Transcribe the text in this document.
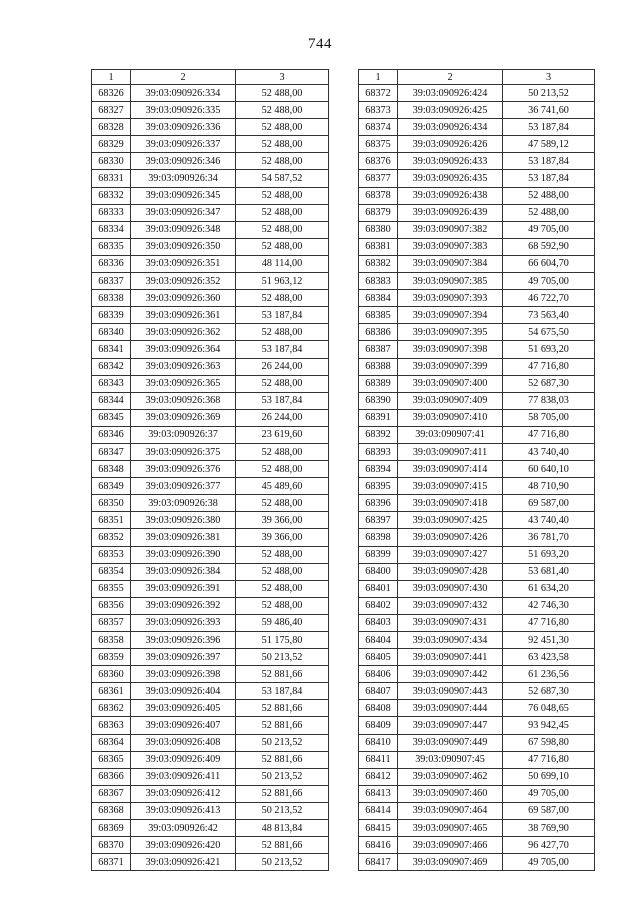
744
1	2	3
68326	39:03:090926:334	52 488,00
68327	39:03:090926:335	52 488,00
68328	39:03:090926:336	52 488,00
68329	39:03:090926:337	52 488,00
68330	39:03:090926:346	52 488,00
68331	39:03:090926:34	54 587,52
68332	39:03:090926:345	52 488,00
68333	39:03:090926:347	52 488,00
68334	39:03:090926:348	52 488,00
68335	39:03:090926:350	52 488,00
68336	39:03:090926:351	48 114,00
68337	39:03:090926:352	51 963,12
68338	39:03:090926:360	52 488,00
68339	39:03:090926:361	53 187,84
68340	39:03:090926:362	52 488,00
68341	39:03:090926:364	53 187,84
68342	39:03:090926:363	26 244,00
68343	39:03:090926:365	52 488,00
68344	39:03:090926:368	53 187,84
68345	39:03:090926:369	26 244,00
68346	39:03:090926:37	23 619,60
68347	39:03:090926:375	52 488,00
68348	39:03:090926:376	52 488,00
68349	39:03:090926:377	45 489,60
68350	39:03:090926:38	52 488,00
68351	39:03:090926:380	39 366,00
68352	39:03:090926:381	39 366,00
68353	39:03:090926:390	52 488,00
68354	39:03:090926:384	52 488,00
68355	39:03:090926:391	52 488,00
68356	39:03:090926:392	52 488,00
68357	39:03:090926:393	59 486,40
68358	39:03:090926:396	51 175,80
68359	39:03:090926:397	50 213,52
68360	39:03:090926:398	52 881,66
68361	39:03:090926:404	53 187,84
68362	39:03:090926:405	52 881,66
68363	39:03:090926:407	52 881,66
68364	39:03:090926:408	50 213,52
68365	39:03:090926:409	52 881,66
68366	39:03:090926:411	50 213,52
68367	39:03:090926:412	52 881,66
68368	39:03:090926:413	50 213,52
68369	39:03:090926:42	48 813,84
68370	39:03:090926:420	52 881,66
68371	39:03:090926:421	50 213,52
1	2	3
68372	39:03:090926:424	50 213,52
68373	39:03:090926:425	36 741,60
68374	39:03:090926:434	53 187,84
68375	39:03:090926:426	47 589,12
68376	39:03:090926:433	53 187,84
68377	39:03:090926:435	53 187,84
68378	39:03:090926:438	52 488,00
68379	39:03:090926:439	52 488,00
68380	39:03:090907:382	49 705,00
68381	39:03:090907:383	68 592,90
68382	39:03:090907:384	66 604,70
68383	39:03:090907:385	49 705,00
68384	39:03:090907:393	46 722,70
68385	39:03:090907:394	73 563,40
68386	39:03:090907:395	54 675,50
68387	39:03:090907:398	51 693,20
68388	39:03:090907:399	47 716,80
68389	39:03:090907:400	52 687,30
68390	39:03:090907:409	77 838,03
68391	39:03:090907:410	58 705,00
68392	39:03:090907:41	47 716,80
68393	39:03:090907:411	43 740,40
68394	39:03:090907:414	60 640,10
68395	39:03:090907:415	48 710,90
68396	39:03:090907:418	69 587,00
68397	39:03:090907:425	43 740,40
68398	39:03:090907:426	36 781,70
68399	39:03:090907:427	51 693,20
68400	39:03:090907:428	53 681,40
68401	39:03:090907:430	61 634,20
68402	39:03:090907:432	42 746,30
68403	39:03:090907:431	47 716,80
68404	39:03:090907:434	92 451,30
68405	39:03:090907:441	63 423,58
68406	39:03:090907:442	61 236,56
68407	39:03:090907:443	52 687,30
68408	39:03:090907:444	76 048,65
68409	39:03:090907:447	93 942,45
68410	39:03:090907:449	67 598,80
68411	39:03:090907:45	47 716,80
68412	39:03:090907:462	50 699,10
68413	39:03:090907:460	49 705,00
68414	39:03:090907:464	69 587,00
68415	39:03:090907:465	38 769,90
68416	39:03:090907:466	96 427,70
68417	39:03:090907:469	49 705,00
